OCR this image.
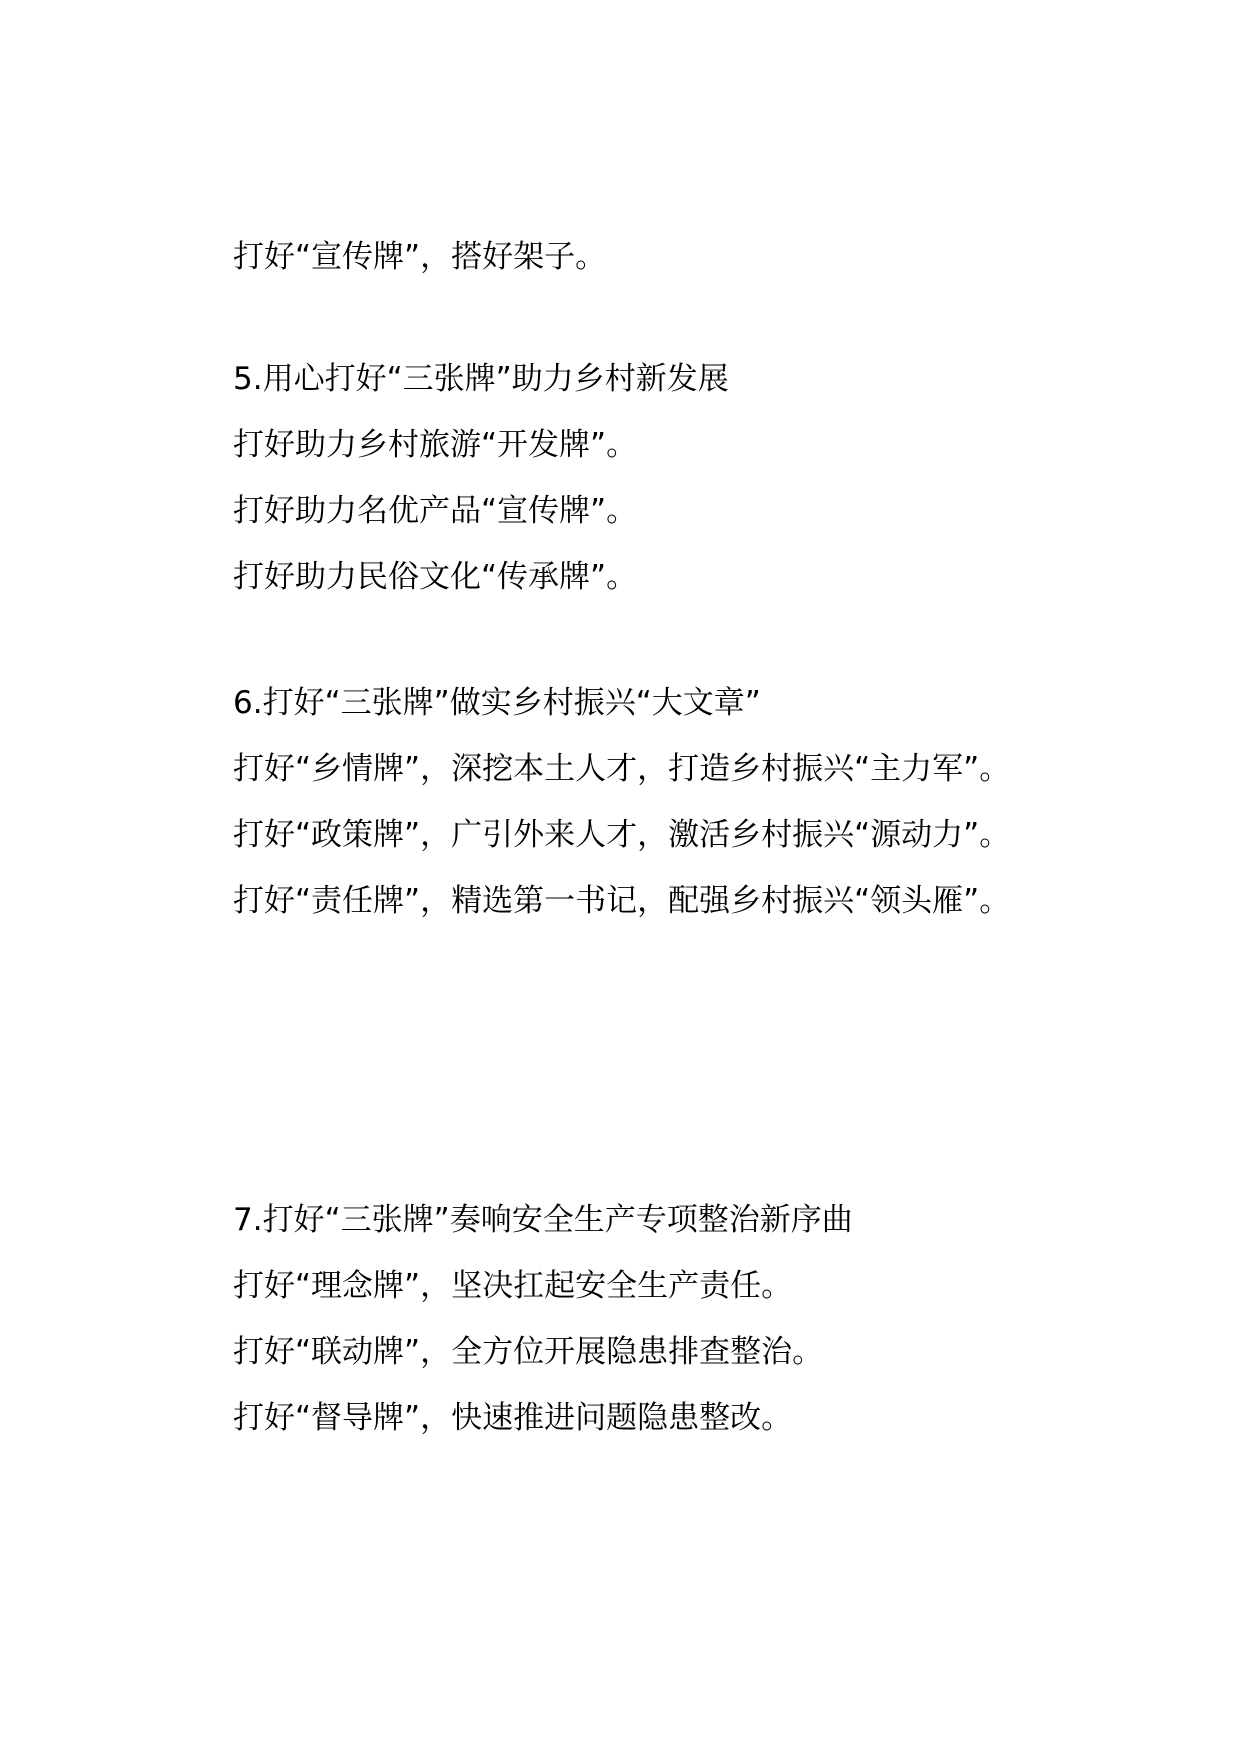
打好“宣传牌”，搭好架子。

5.用心打好“三张牌”助力乡村新发展

打好助力乡村旅游“开发牌”。

打好助力名优产品“宣传牌”。

打好助力民俗文化“传承牌”。

6.打好“三张牌”做实乡村振兴“大文章”

打好“乡情牌”，深挖本土人才，打造乡村振兴“主力军”。

打好“政策牌”，广引外来人才，激活乡村振兴“源动力”。

打好“责任牌”，精选第一书记，配强乡村振兴“领头雁”。

7.打好“三张牌”奏响安全生产专项整治新序曲

打好“理念牌”，坚决扛起安全生产责任。

打好“联动牌”，全方位开展隐患排查整治。

打好“督导牌”，快速推进问题隐患整改。
